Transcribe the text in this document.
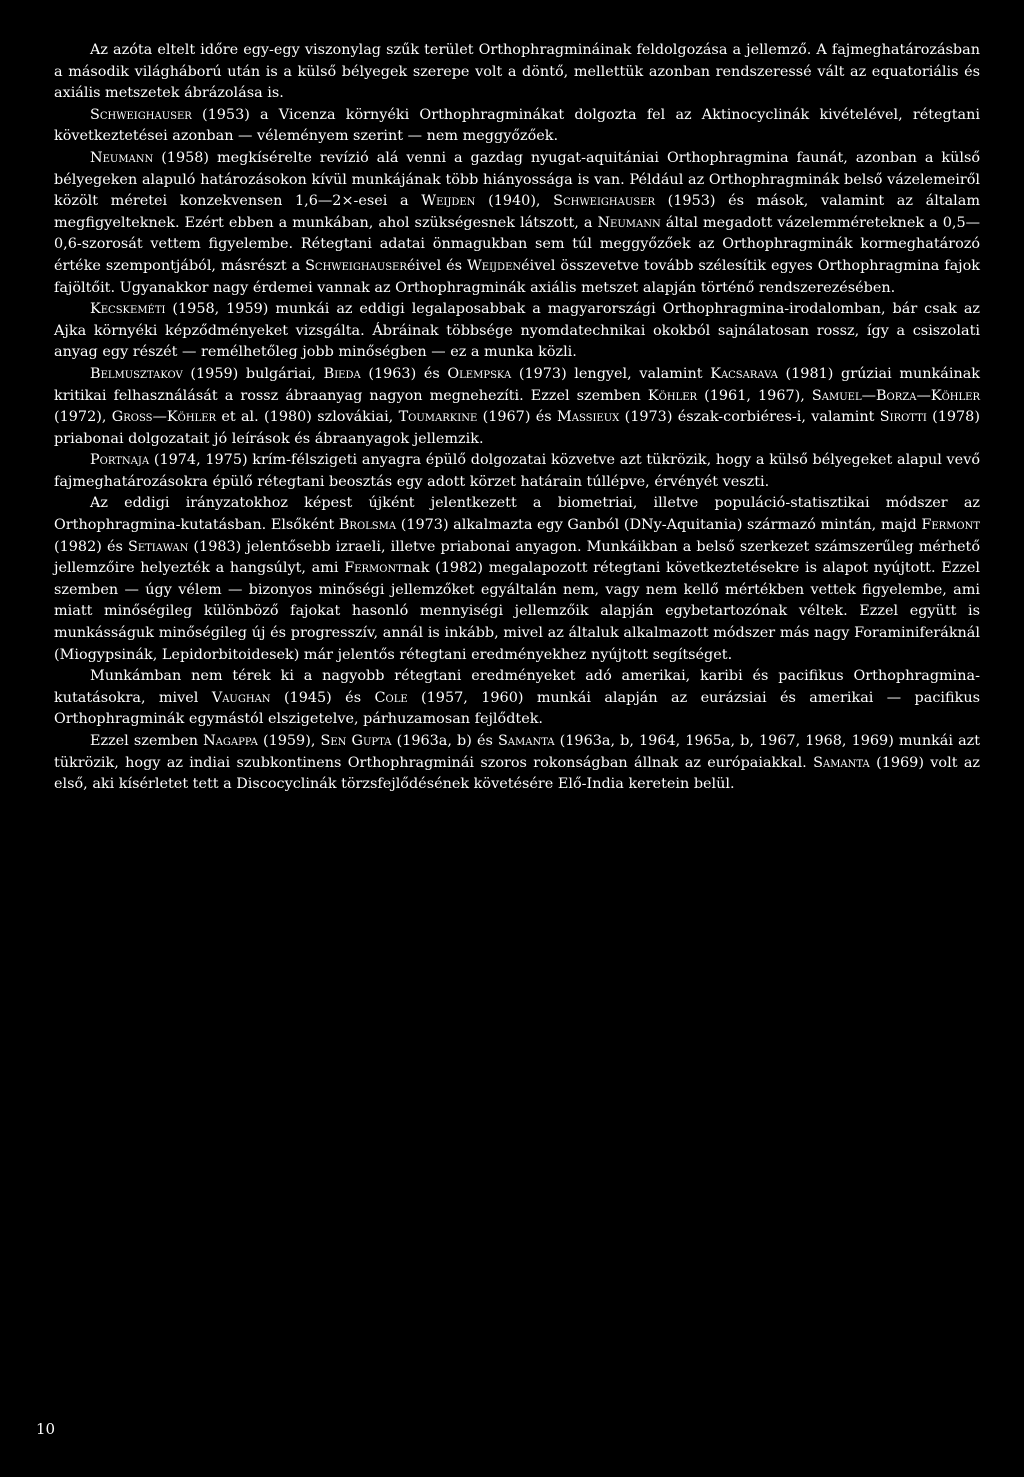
Az azóta eltelt időre egy-egy viszonylag szűk terület Orthophragmináinak feldolgozása a jellemző. A fajmeghatározásban a második világháború után is a külső bélyegek szerepe volt a döntő, mellettük azonban rendszeressé vált az equatoriális és axiális metszetek ábrázolása is.

Schweighauser (1953) a Vicenza környéki Orthophragminákat dolgozta fel az Aktinocyclinák kivételével, rétegtani következtetései azonban — véleményem szerint — nem meggyőzőek.

Neumann (1958) megkísérelte revízió alá venni a gazdag nyugat-aquitániai Orthophragmina faunát, azonban a külső bélyegeken alapuló határozásokon kívül munkájának több hiányossága is van. Például az Orthophragminák belső vázelemeiről közölt méretei konzekvensen 1,6—2×-esei a Weijden (1940), Schweighauser (1953) és mások, valamint az általam megfigyelteknek. Ezért ebben a munkában, ahol szükségesnek látszott, a Neumann által megadott vázelemméreteknek a 0,5—0,6-szorosát vettem figyelembe. Rétegtani adatai önmagukban sem túl meggyőzőek az Orthophragminák kormeghatározó értéke szempontjából, másrészt a Schweighauseréivel és Weijdenéivel összevetve tovább szélesítik egyes Orthophragmina fajok fajöltőit. Ugyanakkor nagy érdemei vannak az Orthophragminák axiális metszet alapján történő rendszerezésében.

Kecskeméti (1958, 1959) munkái az eddigi legalaposabbak a magyarországi Orthophragmina-irodalomban, bár csak az Ajka környéki képződményeket vizsgálta. Ábráinak többsége nyomdatechnikai okokból sajnálatosan rossz, így a csiszolati anyag egy részét — remélhetőleg jobb minőségben — ez a munka közli.

Belmusztakov (1959) bulgáriai, Bieda (1963) és Olempska (1973) lengyel, valamint Kacsarava (1981) grúziai munkáinak kritikai felhasználását a rossz ábraanyag nagyon megnehezíti. Ezzel szemben Köhler (1961, 1967), Samuel—Borza—Köhler (1972), Gross—Köhler et al. (1980) szlovákiai, Toumarkine (1967) és Massieux (1973) észak-corbiéres-i, valamint Sirotti (1978) priabonai dolgozatait jó leírások és ábraanyagok jellemzik.

Portnaja (1974, 1975) krím-félszigeti anyagra épülő dolgozatai közvetve azt tükrözik, hogy a külső bélyegeket alapul vevő fajmeghatározásokra épülő rétegtani beosztás egy adott körzet határain túllépve, érvényét veszti.

Az eddigi irányzatokhoz képest újként jelentkezett a biometriai, illetve populáció-statisztikai módszer az Orthophragmina-kutatásban. Elsőként Brolsma (1973) alkalmazta egy Ganból (DNy-Aquitania) származó mintán, majd Fermont (1982) és Setiawan (1983) jelentősebb izraeli, illetve priabonai anyagon. Munkáikban a belső szerkezet számszerűleg mérhető jellemzőire helyezték a hangsúlyt, ami Fermontnak (1982) megalapozott rétegtani következtetésekre is alapot nyújtott. Ezzel szemben — úgy vélem — bizonyos minőségi jellemzőket egyáltalán nem, vagy nem kellő mértékben vettek figyelembe, ami miatt minőségileg különböző fajokat hasonló mennyiségi jellemzőik alapján egybetartozónak véltek. Ezzel együtt is munkásságuk minőségileg új és progresszív, annál is inkább, mivel az általuk alkalmazott módszer más nagy Foraminiferáknál (Miogypsinák, Lepidorbitoidesek) már jelentős rétegtani eredményekhez nyújtott segítséget.

Munkámban nem térek ki a nagyobb rétegtani eredményeket adó amerikai, karibi és pacifikus Orthophragmina-kutatásokra, mivel Vaughan (1945) és Cole (1957, 1960) munkái alapján az eurázsiai és amerikai — pacifikus Orthophragminák egymástól elszigetelve, párhuzamosan fejlődtek.

Ezzel szemben Nagappa (1959), Sen Gupta (1963a, b) és Samanta (1963a, b, 1964, 1965a, b, 1967, 1968, 1969) munkái azt tükrözik, hogy az indiai szubkontinens Orthophragminái szoros rokonságban állnak az európaiakkal. Samanta (1969) volt az első, aki kísérletet tett a Discocyclinák törzsfejlődésének követésére Elő-India keretein belül.

10
